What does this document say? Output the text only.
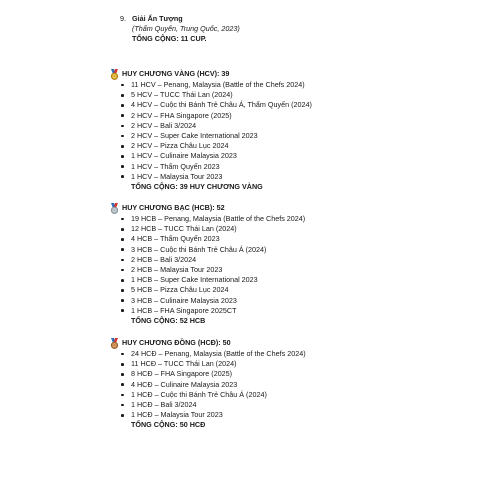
9. Giải Ấn Tượng
(Thẩm Quyến, Trung Quốc, 2023)
TỔNG CỘNG: 11 CUP.
HUY CHƯƠNG VÀNG (HCV): 39
11 HCV – Penang, Malaysia (Battle of the Chefs 2024)
5 HCV – TUCC Thái Lan (2024)
4 HCV – Cuộc thi Bánh Trẻ Châu Á, Thẩm Quyến (2024)
2 HCV – FHA Singapore (2025)
2 HCV – Bali 3/2024
2 HCV – Super Cake International 2023
2 HCV – Pizza Châu Lục 2024
1 HCV – Culinaire Malaysia 2023
1 HCV – Thẩm Quyến 2023
1 HCV – Malaysia Tour 2023
TỔNG CỘNG: 39 HUY CHƯƠNG VÀNG
HUY CHƯƠNG BẠC (HCB): 52
19 HCB – Penang, Malaysia (Battle of the Chefs 2024)
12 HCB – TUCC Thái Lan (2024)
4 HCB – Thẩm Quyến 2023
3 HCB – Cuộc thi Bánh Trẻ Châu Á (2024)
2 HCB – Bali 3/2024
2 HCB – Malaysia Tour 2023
1 HCB – Super Cake International 2023
5 HCB – Pizza Châu Lục 2024
3 HCB – Culinaire Malaysia 2023
1 HCB – FHA Singapore 2025CT
TỔNG CỘNG: 52 HCB
HUY CHƯƠNG ĐỒNG (HCĐ): 50
24 HCĐ – Penang, Malaysia (Battle of the Chefs 2024)
11 HCĐ – TUCC Thái Lan (2024)
8 HCĐ – FHA Singapore (2025)
4 HCĐ – Culinaire Malaysia 2023
1 HCĐ – Cuộc thi Bánh Trẻ Châu Á (2024)
1 HCĐ – Bali 3/2024
1 HCĐ – Malaysia Tour 2023
TỔNG CỘNG: 50 HCĐ
